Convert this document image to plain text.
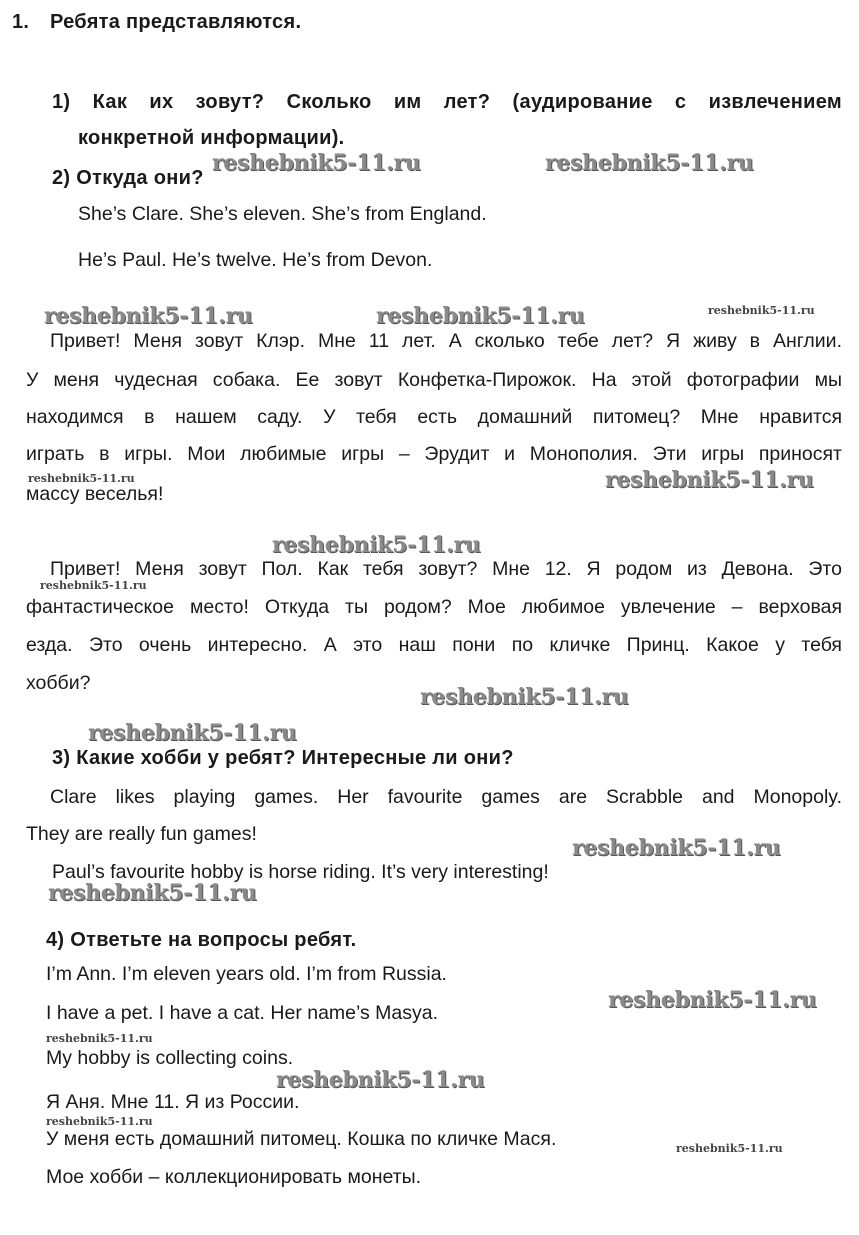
1. Ребята представляются.
1) Как их зовут? Сколько им лет? (аудирование с извлечением
конкретной информации).
2) Откуда они?
She’s Clare. She’s eleven. She’s from England.
He’s Paul. He’s twelve. He’s from Devon.
Привет! Меня зовут Клэр. Мне 11 лет. А сколько тебе лет? Я живу в Англии.
У меня чудесная собака. Ее зовут Конфетка-Пирожок. На этой фотографии мы
находимся в нашем саду. У тебя есть домашний питомец? Мне нравится
играть в игры. Мои любимые игры – Эрудит и Монополия. Эти игры приносят
массу веселья!
Привет! Меня зовут Пол. Как тебя зовут? Мне 12. Я родом из Девона. Это
фантастическое место! Откуда ты родом? Мое любимое увлечение – верховая
езда. Это очень интересно. А это наш пони по кличке Принц. Какое у тебя
хобби?
3) Какие хобби у ребят? Интересные ли они?
Clare likes playing games. Her favourite games are Scrabble and Monopoly.
They are really fun games!
Paul’s favourite hobby is horse riding. It’s very interesting!
4) Ответьте на вопросы ребят.
I’m Ann. I’m eleven years old. I’m from Russia.
I have a pet. I have a cat. Her name’s Masya.
My hobby is collecting coins.
Я Аня. Мне 11. Я из России.
У меня есть домашний питомец. Кошка по кличке Мася.
Мое хобби – коллекционировать монеты.
reshebnik5-11.ru	reshebnik5-11.ru
reshebnik5-11.ru	reshebnik5-11.ru	reshebnik5-11.ru
reshebnik5-11.ru	reshebnik5-11.ru
reshebnik5-11.ru
reshebnik5-11.ru
reshebnik5-11.ru
reshebnik5-11.ru
reshebnik5-11.ru
reshebnik5-11.ru
reshebnik5-11.ru
reshebnik5-11.ru
reshebnik5-11.ru
reshebnik5-11.ru
reshebnik5-11.ru
